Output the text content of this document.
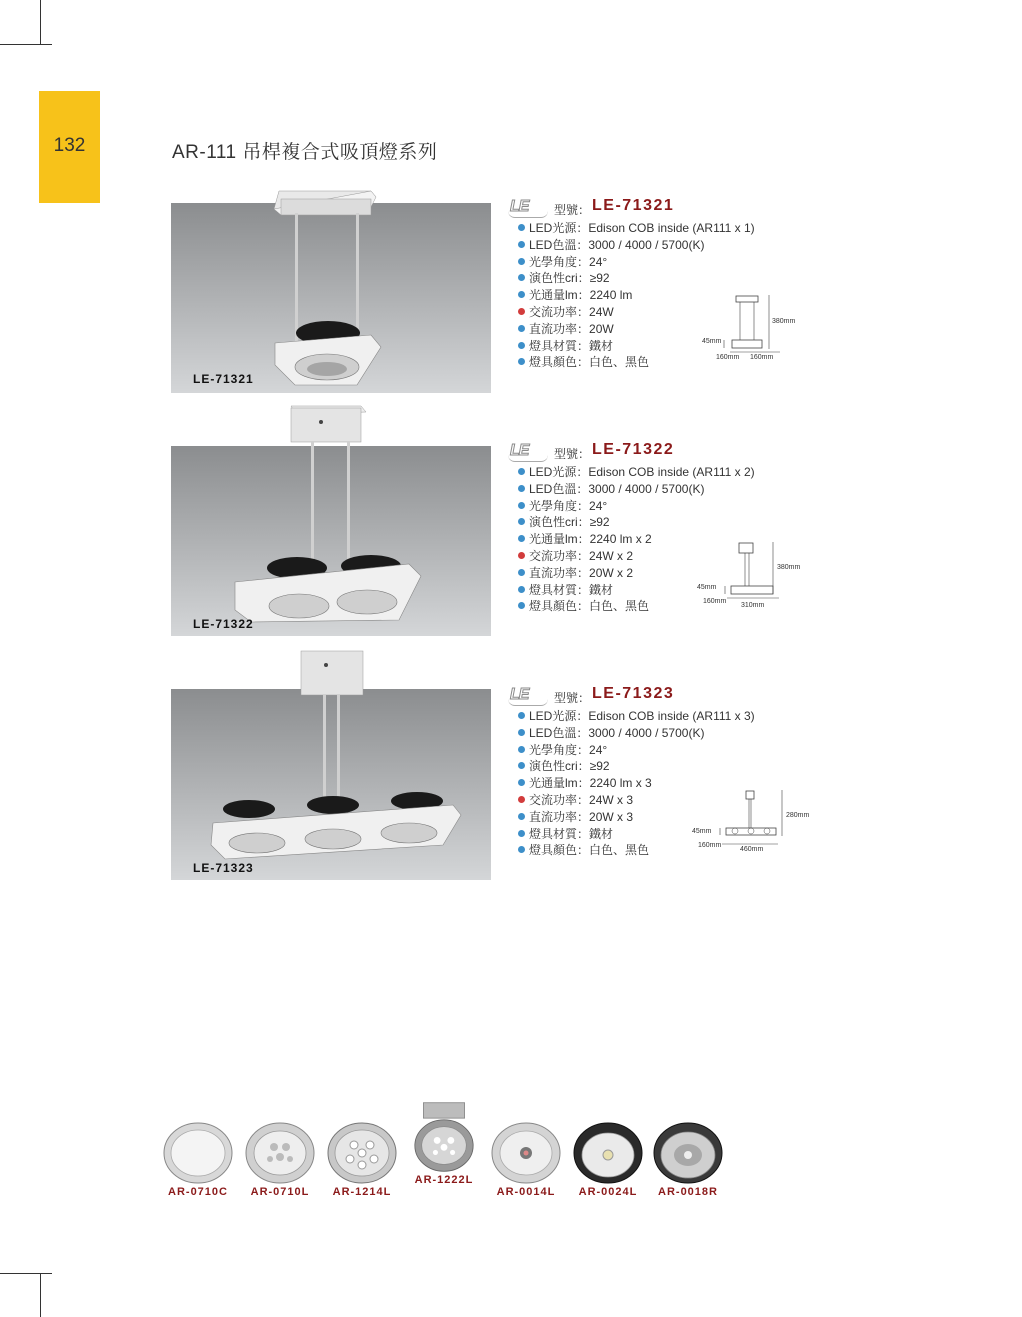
132	AR-111 吊桿複合式吸頂燈系列
LE-71321
LE 型號： LE-71321
LED光源：Edison COB inside (AR111 x 1)
LED色溫：3000 / 4000 / 5700(K)
光學角度：24°
演色性cri：≥92
光通量lm：2240 lm
交流功率：24W
直流功率：20W
燈具材質：鐵材
燈具顏色：白色、黑色
380mm
45mm
160mm 160mm
LE-71322
LE 型號： LE-71322
LED光源：Edison COB inside (AR111 x 2)
LED色溫：3000 / 4000 / 5700(K)
光學角度：24°
演色性cri：≥92
光通量lm：2240 lm x 2
交流功率：24W x 2
直流功率：20W x 2
燈具材質：鐵材
燈具顏色：白色、黑色
380mm
45mm
160mm
310mm
LE-71323
LE 型號： LE-71323
LED光源：Edison COB inside (AR111 x 3)
LED色溫：3000 / 4000 / 5700(K)
光學角度：24°
演色性cri：≥92
光通量lm：2240 lm x 3
交流功率：24W x 3
直流功率：20W x 3
燈具材質：鐵材
燈具顏色：白色、黑色
280mm
45mm
160mm
460mm
AR-0710C	AR-0710L	AR-1214L
AR-1222L
AR-0014L	AR-0024L	AR-0018R
